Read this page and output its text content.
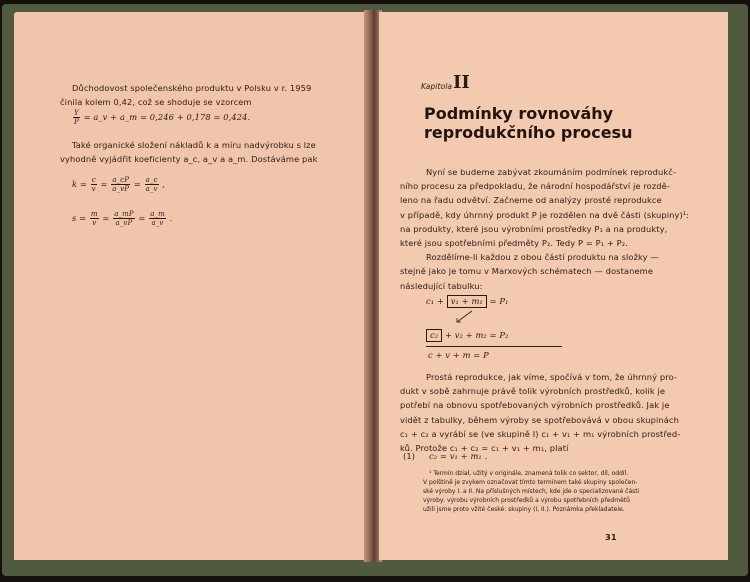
Důchodovost společenského produktu v Polsku v r. 1959
činila kolem 0,42, což se shoduje se vzorcem
$\frac{Y}{P}$ = a_v + a_m = 0,246 + 0,178 = 0,424.
Také organické složení nákladů k a míru nadvýrobku s lze
vyhodně vyjádřit koeficienty a_c, a_v a a_m. Dostáváme pak
$k = \frac{c}{v} = \frac{a\_cP}{a\_vP} = \frac{a\_c}{a\_v}$ ,
$s = \frac{m}{v} = \frac{a\_mP}{a\_vP} = \frac{a\_m}{a\_v}$ .
Kapitola II
Podmínky rovnováhy
reprodukčního procesu
Nyní se budeme zabývat zkoumáním podmínek reprodukč-
ního procesu za předpokladu, že národní hospodářství je rozdě-
leno na řadu odvětví. Začneme od analýzy prosté reprodukce
v případě, kdy úhrnný produkt P je rozdělen na dvě části (skupiny)¹:
na produkty, které jsou výrobními prostředky P₁ a na produkty,
které jsou spotřebními předměty P₂. Tedy P = P₁ + P₂.
Rozdělíme-li každou z obou částí produktu na složky —
stejně jako je tomu v Marxových schématech — dostaneme
následující tabulku:
c₁ + v₁ + m₁ = P₁
c₂ + v₂ + m₂ = P₂
c + v + m = P
Prostá reprodukce, jak víme, spočívá v tom, že úhrnný pro-
dukt v sobě zahrnuje právě tolik výrobních prostředků, kolik je
potřebí na obnovu spotřebovaných výrobních prostředků. Jak je
vidět z tabulky, během výroby se spotřebovává v obou skupinách
c₁ + c₂ a vyrábí se (ve skupině I) c₁ + v₁ + m₁ výrobních prostřed-
ků. Protože c₁ + c₂ = c₁ + v₁ + m₁, platí
(1) c₂ = v₁ + m₁ .
¹ Termín dział, užitý v originále, znamená tolik co sektor, díl, oddíl.
V polštině je zvykem označovat tímto termínem také skupiny společen-
ské výroby I. a II. Na příslušných místech, kde jde o specializované části
výroby: výrobu výrobních prostředků a výrobu spotřebních předmětů
užili jsme proto vžité české: skupiny (I, II.). Poznámka překladatele.
31
